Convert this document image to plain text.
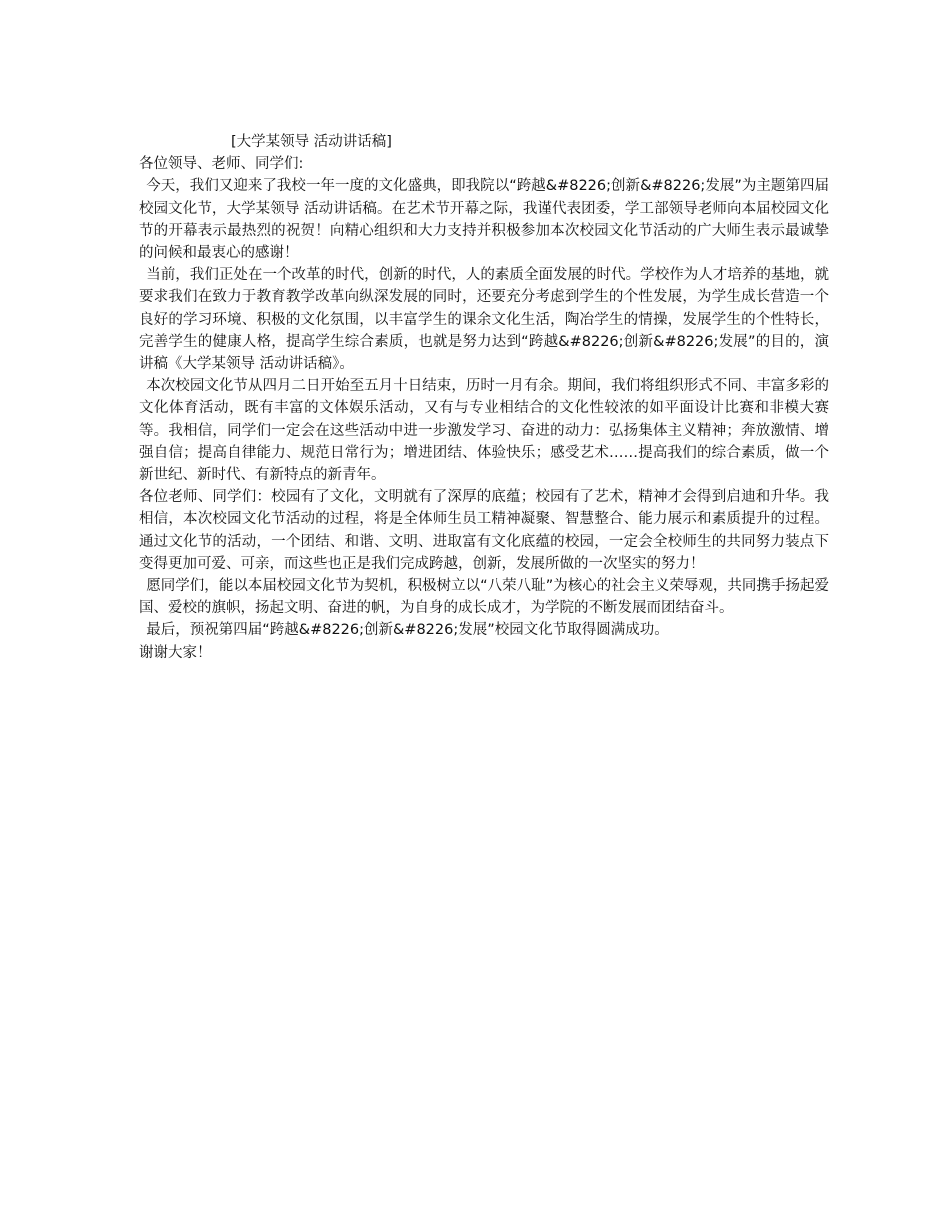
[大学某领导 活动讲话稿]

各位领导、老师、同学们:

今天，我们又迎来了我校一年一度的文化盛典，即我院以“跨越&#8226;创新&#8226;发展”为主题第四届校园文化节，大学某领导 活动讲话稿。在艺术节开幕之际，我谨代表团委，学工部领导老师向本届校园文化节的开幕表示最热烈的祝贺！向精心组织和大力支持并积极参加本次校园文化节活动的广大师生表示最诚挚的问候和最衷心的感谢！

当前，我们正处在一个改革的时代，创新的时代，人的素质全面发展的时代。学校作为人才培养的基地，就要求我们在致力于教育教学改革向纵深发展的同时，还要充分考虑到学生的个性发展，为学生成长营造一个良好的学习环境、积极的文化氛围，以丰富学生的课余文化生活，陶冶学生的情操，发展学生的个性特长，完善学生的健康人格，提高学生综合素质，也就是努力达到“跨越&#8226;创新&#8226;发展”的目的，演讲稿《大学某领导 活动讲话稿》。

本次校园文化节从四月二日开始至五月十日结束，历时一月有余。期间，我们将组织形式不同、丰富多彩的文化体育活动，既有丰富的文体娱乐活动，又有与专业相结合的文化性较浓的如平面设计比赛和非模大赛等。我相信，同学们一定会在这些活动中进一步激发学习、奋进的动力：弘扬集体主义精神；奔放激情、增强自信；提高自律能力、规范日常行为；增进团结、体验快乐；感受艺术……提高我们的综合素质，做一个新世纪、新时代、有新特点的新青年。

各位老师、同学们：校园有了文化，文明就有了深厚的底蕴；校园有了艺术，精神才会得到启迪和升华。我相信，本次校园文化节活动的过程，将是全体师生员工精神凝聚、智慧整合、能力展示和素质提升的过程。通过文化节的活动，一个团结、和谐、文明、进取富有文化底蕴的校园，一定会全校师生的共同努力装点下变得更加可爱、可亲，而这些也正是我们完成跨越，创新，发展所做的一次坚实的努力！

愿同学们，能以本届校园文化节为契机，积极树立以“八荣八耻”为核心的社会主义荣辱观，共同携手扬起爱国、爱校的旗帜，扬起文明、奋进的帆，为自身的成长成才，为学院的不断发展而团结奋斗。

最后，预祝第四届“跨越&#8226;创新&#8226;发展”校园文化节取得圆满成功。

谢谢大家！
